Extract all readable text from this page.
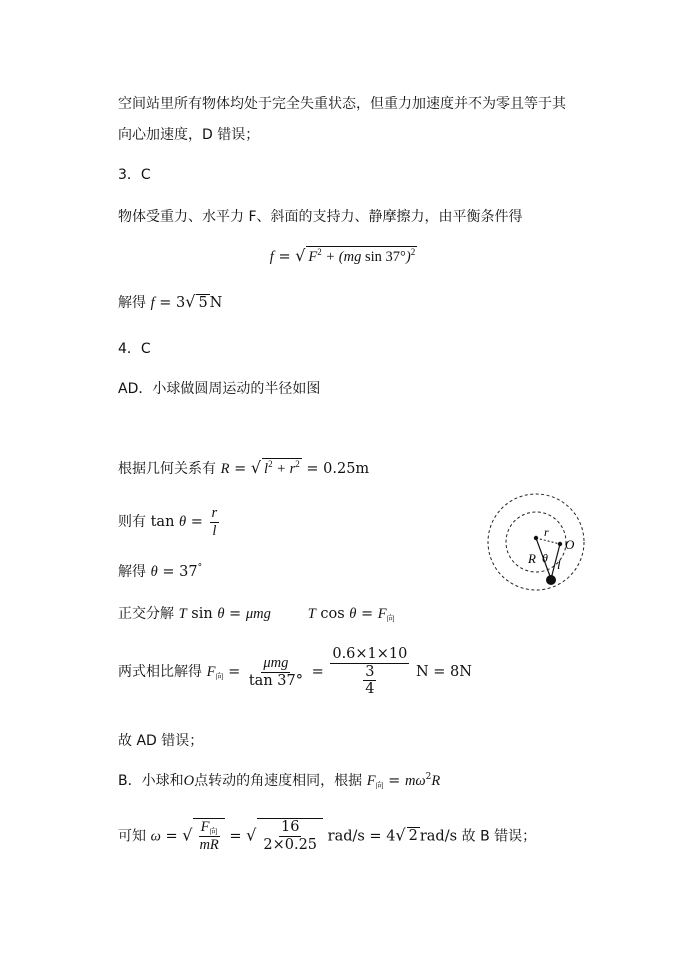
空间站里所有物体均处于完全失重状态，但重力加速度并不为零且等于其
向心加速度，D 错误；
3．C
物体受重力、水平力 F、斜面的支持力、静摩擦力，由平衡条件得
f = √ $F^2 + (mg$ sin 37°)$^2$
解得 f = 3√ 5 N
4．C
AD．小球做圆周运动的半径如图
根据几何关系有 R = √ $l^2 + r^2 = 0.25m$
则有 $\tan \theta = \frac{r}{l}$
解得 θ = 37°
正交分解 T sin θ = μmg	T $\cos \theta = F_向$
两式相比解得 $F_向 = \frac{\text{μmg}}{\tan 37^\circ} = \frac{0.6\times 1\times 10}{\frac{3}{4}}$ N = 8N
故 AD 错误；
B．小球和O点转动的角速度相同，根据 $F_向 = m\omega^2R$
可知 ω = √ $\frac{F_向}{mR}$ = √ $\frac{16}{2\times 0.25} rad/s = 4√$ 2 rad/s 故 B 错误；
r
O
R θ l
